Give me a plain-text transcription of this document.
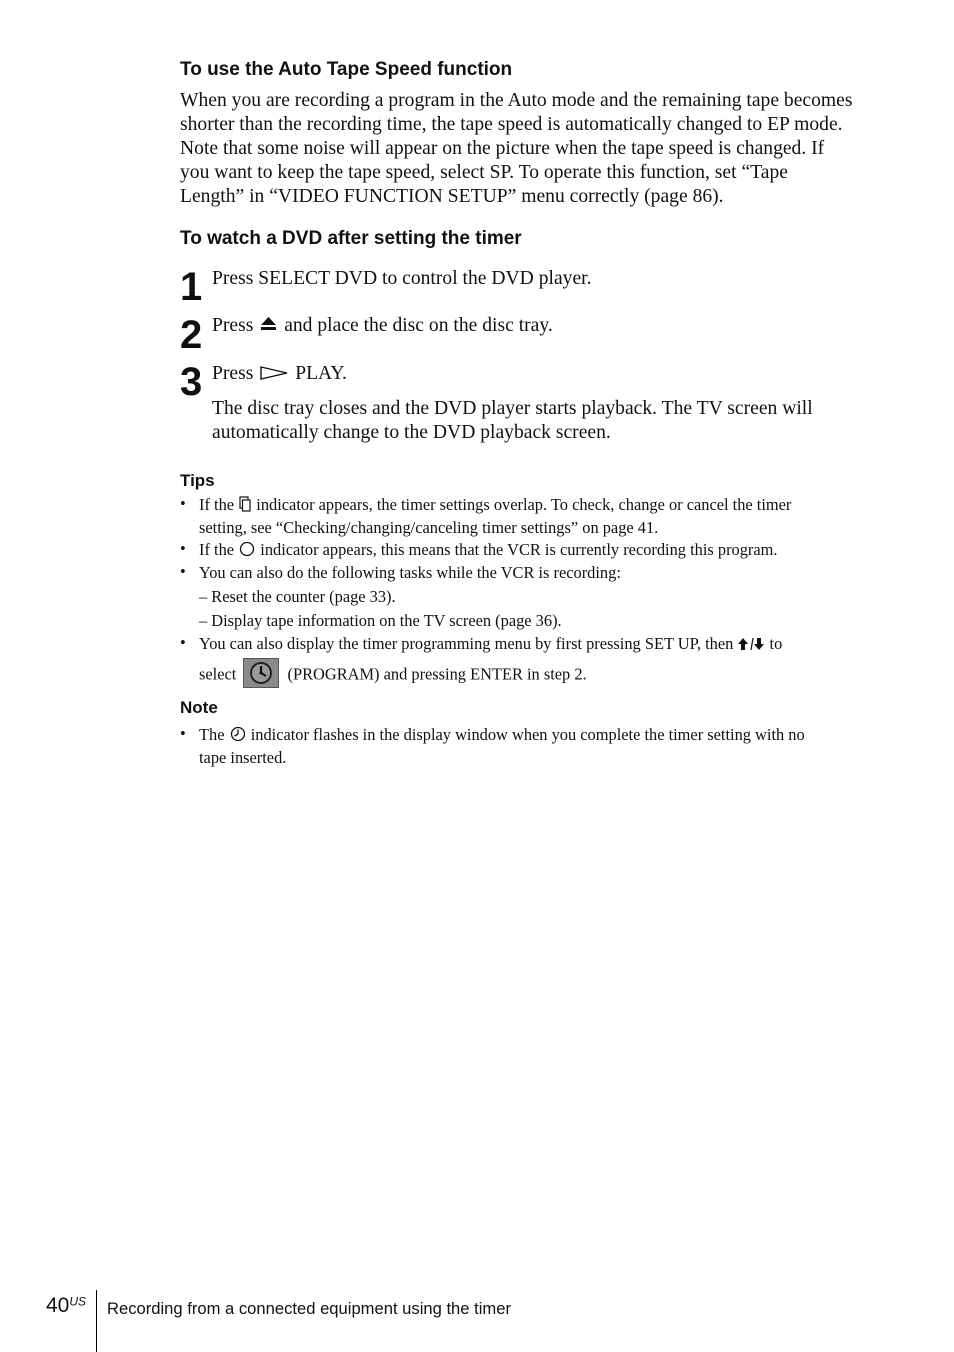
To use the Auto Tape Speed function
When you are recording a program in the Auto mode and the remaining tape becomes
shorter than the recording time, the tape speed is automatically changed to EP mode.
Note that some noise will appear on the picture when the tape speed is changed. If
you want to keep the tape speed, select SP. To operate this function, set “Tape
Length” in “VIDEO FUNCTION SETUP” menu correctly (page 86).
To watch a DVD after setting the timer
1 Press SELECT DVD to control the DVD player.
2 Press and place the disc on the disc tray.
3 Press PLAY.
The disc tray closes and the DVD player starts playback. The TV screen will
automatically change to the DVD playback screen.
Tips
• If the indicator appears, the timer settings overlap. To check, change or cancel the timer
setting, see “Checking/changing/canceling timer settings” on page 41.
• If the indicator appears, this means that the VCR is currently recording this program.
• You can also do the following tasks while the VCR is recording:
– Reset the counter (page 33).
– Display tape information on the TV screen (page 36).
• You can also display the timer programming menu by first pressing SET UP, then to
select	(PROGRAM) and pressing ENTER in step 2.
Note
• The indicator flashes in the display window when you complete the timer setting with no
tape inserted.
40$^{US}$ Recording from a connected equipment using the timer
